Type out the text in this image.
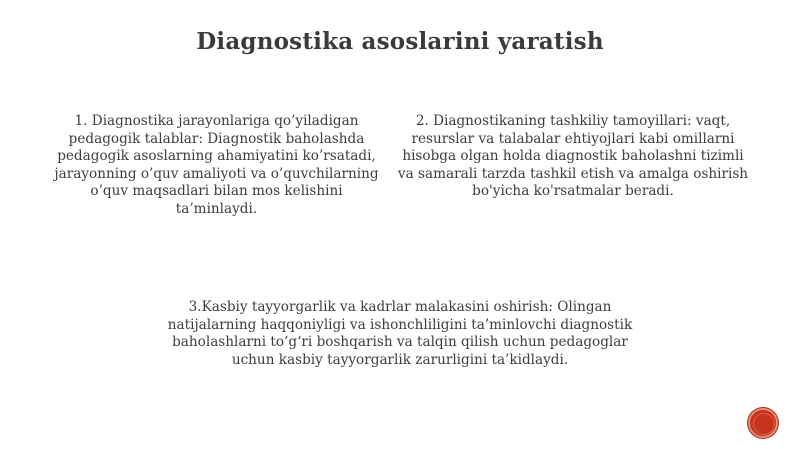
Diagnostika asoslarini yaratish
1. Diagnostika jarayonlariga qo’yiladigan pedagogik talablar: Diagnostik baholashda pedagogik asoslarning ahamiyatini ko’rsatadi, jarayonning o’quv amaliyoti va o’quvchilarning o’quv maqsadlari bilan mos kelishini ta’minlaydi.
2. Diagnostikaning tashkiliy tamoyillari: vaqt, resurslar va talabalar ehtiyojlari kabi omillarni hisobga olgan holda diagnostik baholashni tizimli va samarali tarzda tashkil etish va amalga oshirish bo'yicha ko'rsatmalar beradi.
3.Kasbiy tayyorgarlik va kadrlar malakasini oshirish: Olingan natijalarning haqqoniyligi va ishonchliligini ta’minlovchi diagnostik baholashlarni to‘g‘ri boshqarish va talqin qilish uchun pedagoglar uchun kasbiy tayyorgarlik zarurligini ta’kidlaydi.
